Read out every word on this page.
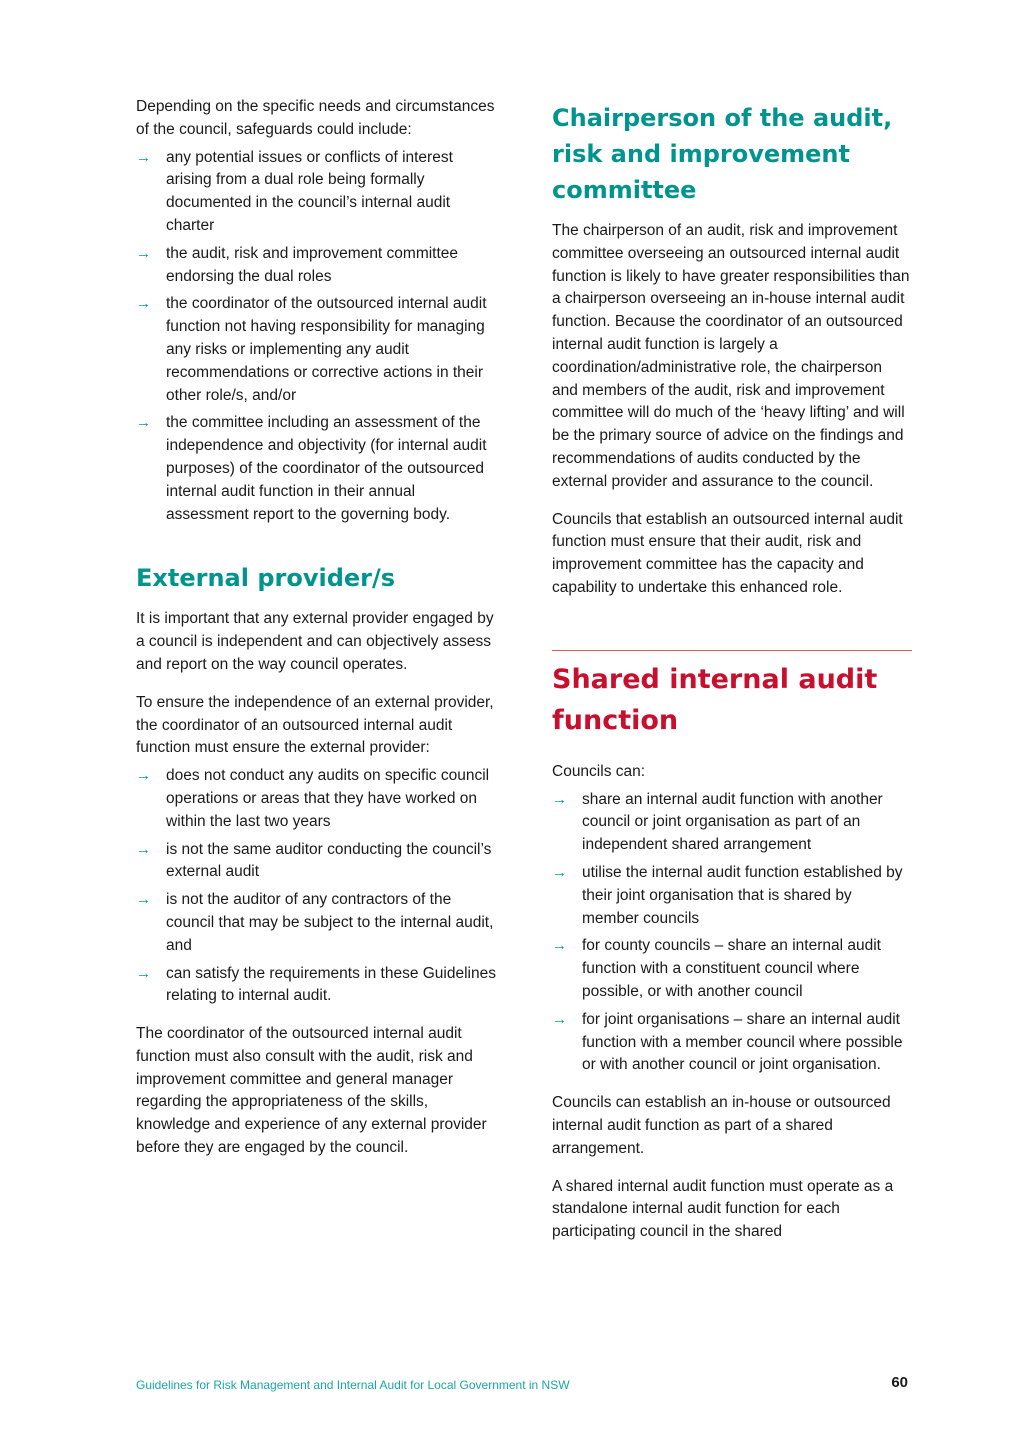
Depending on the specific needs and circumstances of the council, safeguards could include:

→ any potential issues or conflicts of interest arising from a dual role being formally documented in the council’s internal audit charter
→ the audit, risk and improvement committee endorsing the dual roles
→ the coordinator of the outsourced internal audit function not having responsibility for managing any risks or implementing any audit recommendations or corrective actions in their other role/s, and/or
→ the committee including an assessment of the independence and objectivity (for internal audit purposes) of the coordinator of the outsourced internal audit function in their annual assessment report to the governing body.
External provider/s

It is important that any external provider engaged by a council is independent and can objectively assess and report on the way council operates.

To ensure the independence of an external provider, the coordinator of an outsourced internal audit function must ensure the external provider:

→ does not conduct any audits on specific council operations or areas that they have worked on within the last two years
→ is not the same auditor conducting the council’s external audit
→ is not the auditor of any contractors of the council that may be subject to the internal audit, and
→ can satisfy the requirements in these Guidelines relating to internal audit.

The coordinator of the outsourced internal audit function must also consult with the audit, risk and improvement committee and general manager regarding the appropriateness of the skills, knowledge and experience of any external provider before they are engaged by the council.

Chairperson of the audit, risk and improvement committee

The chairperson of an audit, risk and improvement committee overseeing an outsourced internal audit function is likely to have greater responsibilities than a chairperson overseeing an in-house internal audit function. Because the coordinator of an outsourced internal audit function is largely a coordination/administrative role, the chairperson and members of the audit, risk and improvement committee will do much of the ‘heavy lifting’ and will be the primary source of advice on the findings and recommendations of audits conducted by the external provider and assurance to the council.

Councils that establish an outsourced internal audit function must ensure that their audit, risk and improvement committee has the capacity and capability to undertake this enhanced role.

Shared internal audit function

Councils can:

→ share an internal audit function with another council or joint organisation as part of an independent shared arrangement
→ utilise the internal audit function established by their joint organisation that is shared by member councils
→ for county councils – share an internal audit function with a constituent council where possible, or with another council
→ for joint organisations – share an internal audit function with a member council where possible or with another council or joint organisation.

Councils can establish an in-house or outsourced internal audit function as part of a shared arrangement.

A shared internal audit function must operate as a standalone internal audit function for each participating council in the shared

Guidelines for Risk Management and Internal Audit for Local Government in NSW	60
